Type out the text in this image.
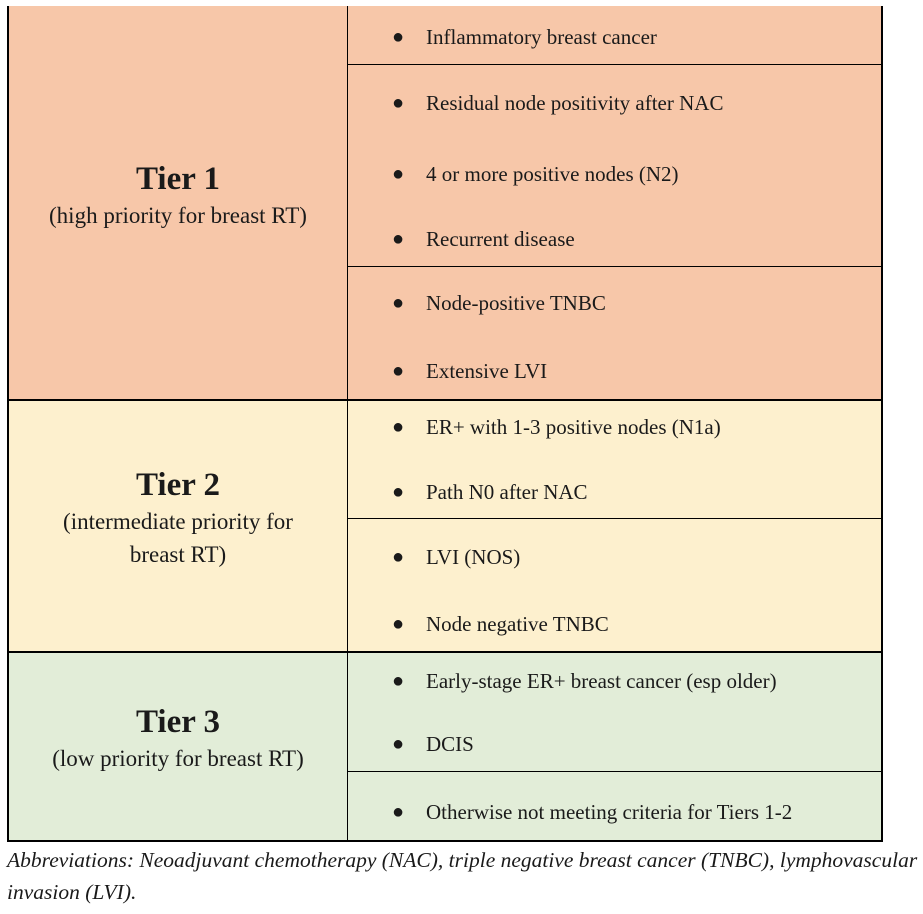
Tier 1
(high priority for breast RT)
● Inflammatory breast cancer
● Residual node positivity after NAC
● 4 or more positive nodes (N2)
● Recurrent disease
● Node-positive TNBC
● Extensive LVI
Tier 2
(intermediate priority for breast RT)
● ER+ with 1-3 positive nodes (N1a)
● Path N0 after NAC
● LVI (NOS)
● Node negative TNBC
Tier 3
(low priority for breast RT)
● Early-stage ER+ breast cancer (esp older)
● DCIS
● Otherwise not meeting criteria for Tiers 1-2
Abbreviations: Neoadjuvant chemotherapy (NAC), triple negative breast cancer (TNBC), lymphovascular invasion (LVI).
